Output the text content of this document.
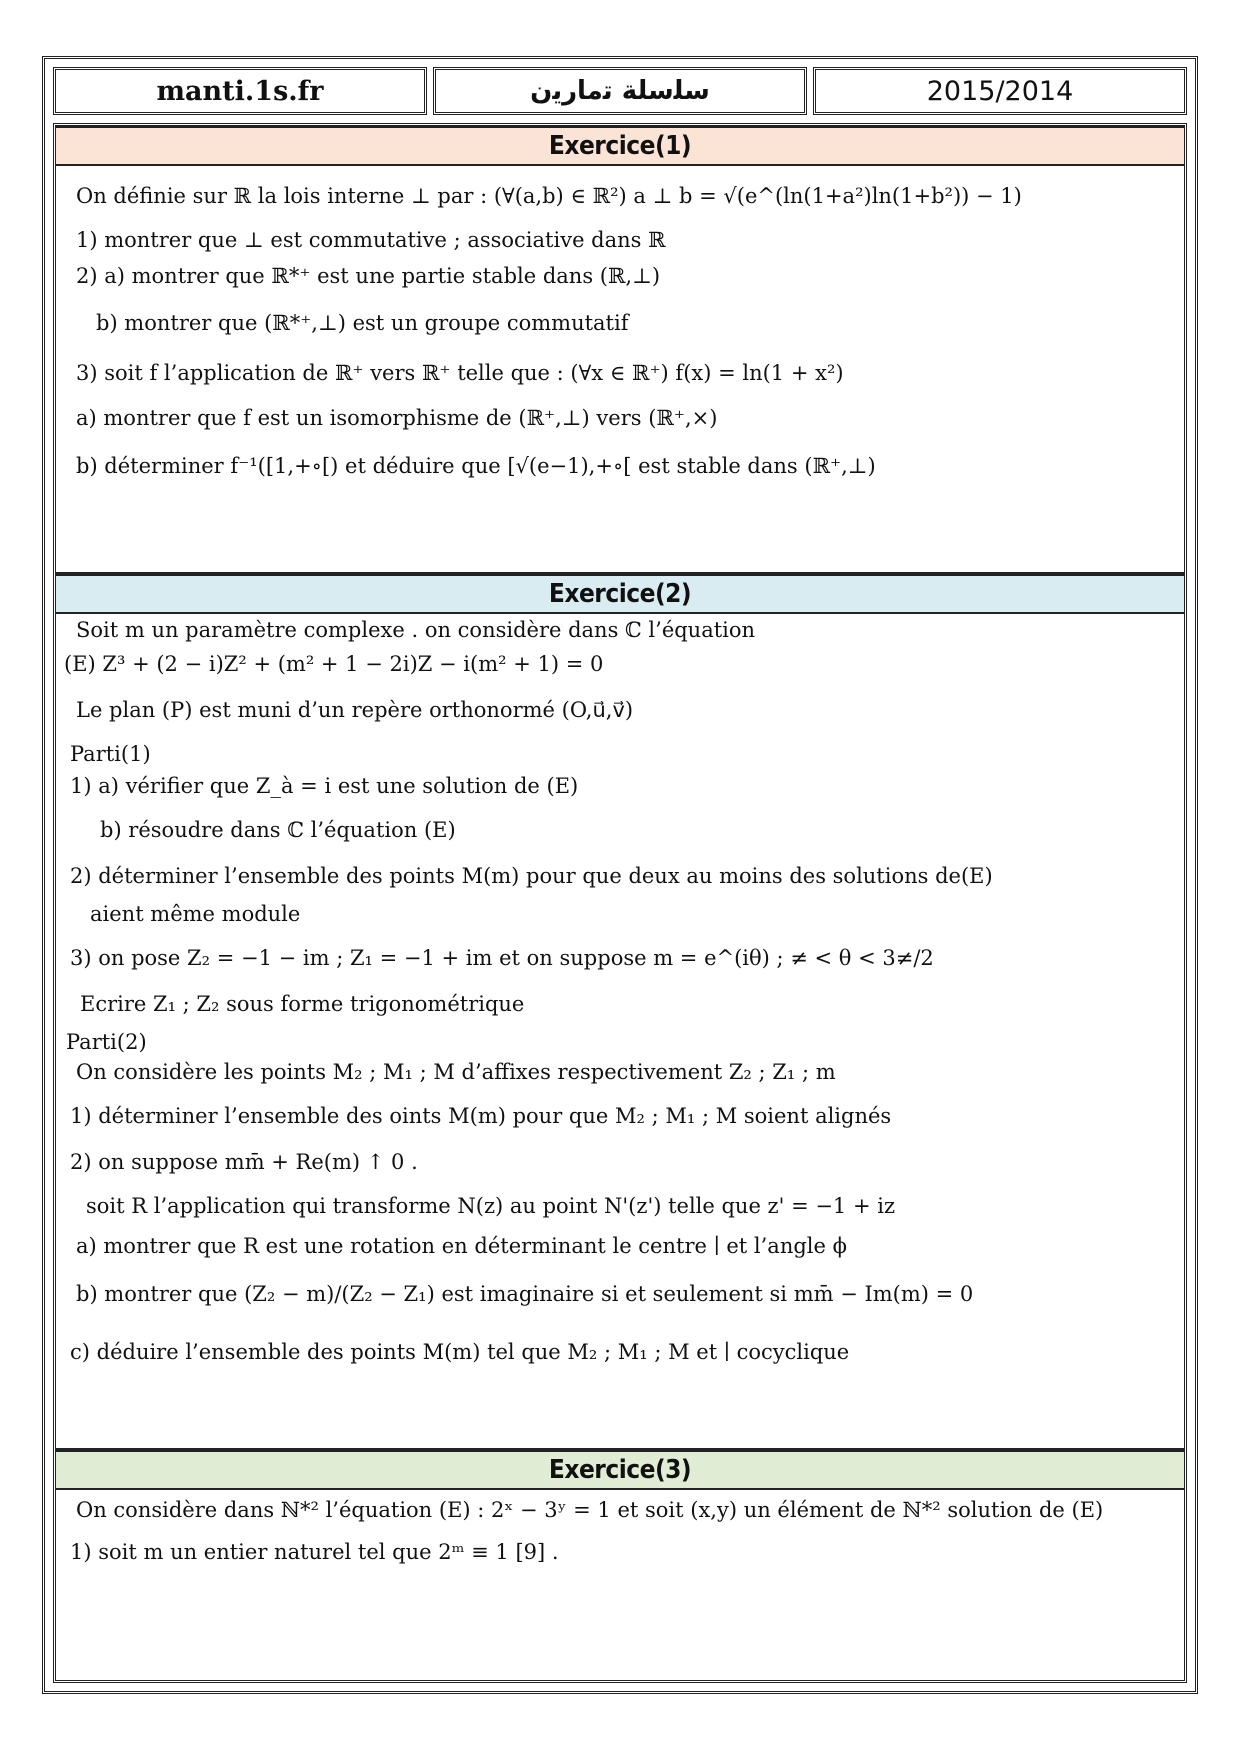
manti.1s.fr	ﺳﻠﺳﻠﺔ ﺗﻣﺎﺭﻳﻥ	2015/2014
Exercice(1)
On définie sur ℝ la lois interne ⊥ par : (∀(a,b) ∈ ℝ²) a ⊥ b = √(e^(ln(1+a²)ln(1+b²)) − 1)
1) montrer que ⊥ est commutative ; associative dans ℝ
2) a) montrer que ℝ*⁺ est une partie stable dans (ℝ,⊥)
b) montrer que (ℝ*⁺,⊥) est un groupe commutatif
3) soit f l’application de ℝ⁺ vers ℝ⁺ telle que : (∀x ∈ ℝ⁺) f(x) = ln(1 + x²)
a) montrer que f est un isomorphisme de (ℝ⁺,⊥) vers (ℝ⁺,×)
b) déterminer f⁻¹([1,+∘[) et déduire que [√(e−1),+∘[ est stable dans (ℝ⁺,⊥)
Exercice(2)
Soit m un paramètre complexe . on considère dans ℂ l’équation
(E) Z³ + (2 − i)Z² + (m² + 1 − 2i)Z − i(m² + 1) = 0
Le plan (P) est muni d’un repère orthonormé (O,u⃗,v⃗)
Parti(1)
1) a) vérifier que Z_à = i est une solution de (E)
b) résoudre dans ℂ l’équation (E)
2) déterminer l’ensemble des points M(m) pour que deux au moins des solutions de(E)
aient même module
3) on pose Z₂ = −1 − im ; Z₁ = −1 + im et on suppose m = e^(iθ) ; ≠ < θ < 3≠/2
Ecrire Z₁ ; Z₂ sous forme trigonométrique
Parti(2)
On considère les points M₂ ; M₁ ; M d’affixes respectivement Z₂ ; Z₁ ; m
1) déterminer l’ensemble des oints M(m) pour que M₂ ; M₁ ; M soient alignés
2) on suppose mm̄ + Re(m) ↑ 0 .
soit R l’application qui transforme N(z) au point N'(z') telle que z' = −1 + iz
a) montrer que R est une rotation en déterminant le centre ∣ et l’angle ϕ
b) montrer que (Z₂ − m)/(Z₂ − Z₁) est imaginaire si et seulement si mm̄ − Im(m) = 0
c) déduire l’ensemble des points M(m) tel que M₂ ; M₁ ; M et ∣ cocyclique
Exercice(3)
On considère dans ℕ*² l’équation (E) : 2ˣ − 3ʸ = 1 et soit (x,y) un élément de ℕ*² solution de (E)
1) soit m un entier naturel tel que 2ᵐ ≡ 1 [9] .
